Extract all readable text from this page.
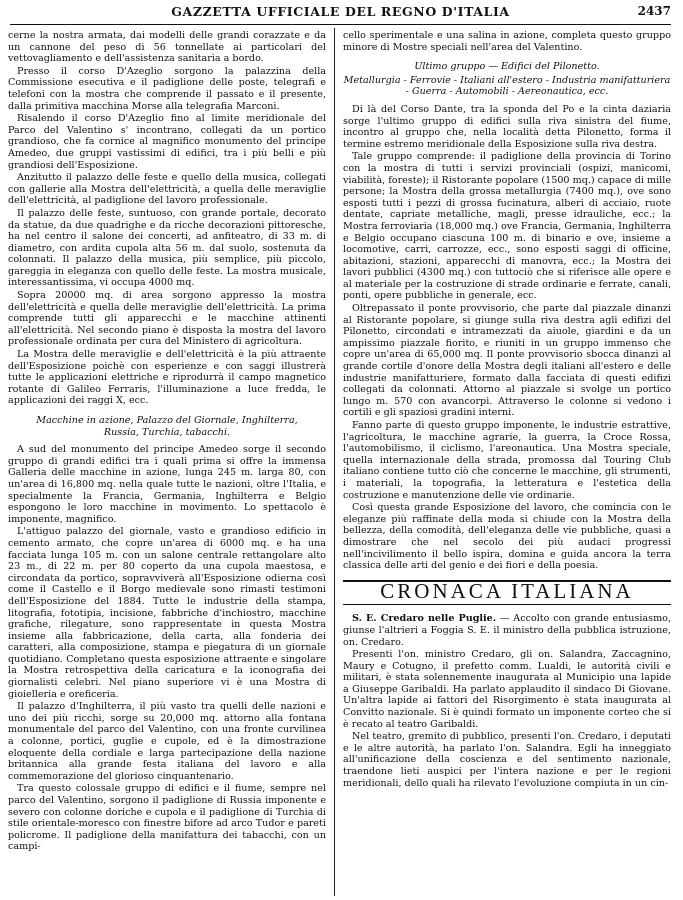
GAZZETTA UFFICIALE DEL REGNO D'ITALIA	2437

cerne la nostra armata, dai modelli delle grandi corazzate e da un cannone del peso di 56 tonnellate ai particolari del vettovagliamento e dell'assistenza sanitaria a bordo.

Presso il corso D'Azeglio sorgono la palazzina della Commissione esecutiva e il padiglione delle poste, telegrafi e telefoni con la mostra che comprende il passato e il presente, dalla primitiva macchina Morse alla telegrafia Marconi.

Risalendo il corso D'Azeglio fino al limite meridionale del Parco del Valentino s' incontrano, collegati da un portico grandioso, che fa cornice al magnifico monumento del principe Amedeo, due gruppi vastissimi di edifici, tra i più belli e più grandiosi dell'Esposizione.

Anzitutto il palazzo delle feste e quello della musica, collegati con gallerie alla Mostra dell'elettricità, a quella delle meraviglie dell'elettricità, al padiglione del lavoro professionale.

Il palazzo delle feste, suntuoso, con grande portale, decorato da statue, da due quadrighe e da ricche decorazioni pittoresche, ha nel centro il salone dei concerti, ad anfiteatro, di 33 m. di diametro, con ardita cupola alta 56 m. dal suolo, sostenuta da colonnati. Il palazzo della musica, più semplice, più piccolo, gareggia in eleganza con quello delle feste. La mostra musicale, interessantissima, vi occupa 4000 mq.

Sopra 20000 mq. di area sorgono appresso la mostra dell'elettricità e quella delle meraviglie dell'elettricità. La prima comprende tutti gli apparecchi e le macchine attinenti all'elettricità. Nel secondo piano è disposta la mostra del lavoro professionale ordinata per cura del Ministero di agricoltura.

La Mostra delle meraviglie e dell'elettricità è la più attraente dell'Esposizione poichè con esperienze e con saggi illustrerà tutte le applicazioni elettriche e riprodurrà il campo magnetico rotante di Galileo Ferraris, l'illuminazione a luce fredda, le applicazioni dei raggi X, ecc.

Macchine in azione, Palazzo del Giornale, Inghilterra,
Russia, Turchia, tabacchi.

A sud del monumento del principe Amedeo sorge il secondo gruppo di grandi edifici tra i quali prima si offre la immensa Galleria delle macchine in azione, lunga 245 m. larga 80, con un'area di 16,800 mq. nella quale tutte le nazioni, oltre l'Italia, e specialmente la Francia, Germania, Inghilterra e Belgio espongono le loro macchine in movimento. Lo spettacolo è imponente, magnifico.

L'attiguo palazzo del giornale, vasto e grandioso edificio in cemento armato, che copre un'area di 6000 mq. e ha una facciata lunga 105 m. con un salone centrale rettangolare alto 23 m., di 22 m. per 80 coperto da una cupola maestosa, e circondata da portico, sopravviverà all'Esposizione odierna così come il Castello e il Borgo medievale sono rimasti testimoni dell'Esposizione del 1884. Tutte le industrie della stampa, litografia, fototipia, incisione, fabbriche d'inchiostro, macchine grafiche, rilegature, sono rappresentate in questa Mostra insieme alla fabbricazione, della carta, alla fonderia dei caratteri, alla composizione, stampa e piegatura di un giornale quotidiano. Completano questa esposizione attraente e singolare la Mostra retrospettiva della caricatura e la iconografia dei giornalisti celebri. Nel piano superiore vi è una Mostra di gioielleria e oreficeria.

Il palazzo d'Inghilterra, il più vasto tra quelli delle nazioni e uno dei più ricchi, sorge su 20,000 mq. attorno alla fontana monumentale del parco del Valentino, con una fronte curvilinea a colonne, portici, guglie e cupole, ed è la dimostrazione eloquente della cordiale e larga partecipazione della nazione britannica alla grande festa italiana del lavoro e alla commemorazione del glorioso cinquantenario.

Tra questo colossale gruppo di edifici e il fiume, sempre nel parco del Valentino, sorgono il padiglione di Russia imponente e severo con colonne doriche e cupola e il padiglione di Turchia di stile orientale-moresco con finestre bifore ad arco Tudor e pareti policrome. Il padiglione della manifattura dei tabacchi, con un campi-

cello sperimentale e una salina in azione, completa questo gruppo minore di Mostre speciali nell'area del Valentino.

Ultimo gruppo — Edifici del Pilonetto.
Metallurgia - Ferrovie - Italiani all'estero - Industria manifatturiera - Guerra - Automobili - Aereonautica, ecc.

Di là del Corso Dante, tra la sponda del Po e la cinta daziaria sorge l'ultimo gruppo di edifici sulla riva sinistra del fiume, incontro al gruppo che, nella località detta Pilonetto, forma il termine estremo meridionale della Esposizione sulla riva destra.

Tale gruppo comprende: il padiglione della provincia di Torino con la mostra di tutti i servizi provinciali (ospizi, manicomi, viabilità, foreste); il Ristorante popolare (1500 mq.) capace di mille persone; la Mostra della grossa metallurgia (7400 mq.), ove sono esposti tutti i pezzi di grossa fucinatura, alberi di acciaio, ruote dentate, capriate metalliche, magli, presse idrauliche, ecc.; la Mostra ferroviaria (18,000 mq.) ove Francia, Germania, Inghilterra e Belgio occupano ciascuna 100 m. di binario e ove, insieme a locomotive, carri, carrozze, ecc., sono esposti saggi di officine, abitazioni, stazioni, apparecchi di manovra, ecc.; la Mostra dei lavori pubblici (4300 mq.) con tuttociò che si riferisce alle opere e al materiale per la costruzione di strade ordinarie e ferrate, canali, ponti, opere pubbliche in generale, ecc.

Oltrepassato il ponte provvisorio, che parte dal piazzale dinanzi al Ristorante popolare, si giunge sulla riva destra agli edifizi del Pilonetto, circondati e intramezzati da aiuole, giardini e da un ampissimo piazzale fiorito, e riuniti in un gruppo immenso che copre un'area di 65,000 mq. Il ponte provvisorio sbocca dinanzi al grande cortile d'onore della Mostra degli italiani all'estero e delle industrie manifatturiere, formato dalla facciata di questi edifizi collegati da colonnati. Attorno al piazzale si svolge un portico lungo m. 570 con avancorpi. Attraverso le colonne si vedono i cortili e gli spaziosi gradini interni.

Fanno parte di questo gruppo imponente, le industrie estrattive, l'agricoltura, le macchine agrarie, la guerra, la Croce Rossa, l'automobilismo, il ciclismo, l'areonautica. Una Mostra speciale, quella internazionale della strada, promossa dal Touring Club italiano contiene tutto ciò che concerne le macchine, gli strumenti, i materiali, la topografia, la letteratura e l'estetica della costruzione e manutenzione delle vie ordinarie.

Così questa grande Esposizione del lavoro, che comincia con le eleganze più raffinate della moda si chiude con la Mostra della bellezza, della comodità, dell'eleganza delle vie pubbliche, quasi a dimostrare che nel secolo dei più audaci progressi nell'incivilimento il bello ispira, domina e guida ancora la terra classica delle arti del genio e dei fiori e della poesia.

CRONACA ITALIANA

S. E. Credaro nelle Puglie. — Accolto con grande entusiasmo, giunse l'altrieri a Foggia S. E. il ministro della pubblica istruzione, on. Credaro.

Presenti l'on. ministro Credaro, gli on. Salandra, Zaccagnino, Maury e Cotugno, il prefetto comm. Lualdi, le autorità civili e militari, è stata solennemente inaugurata al Municipio una lapide a Giuseppe Garibaldi. Ha parlato applaudito il sindaco Di Giovane. Un'altra lapide ai fattori del Risorgimento è stata inaugurata al Convitto nazionale. Si è quindi formato un imponente corteo che si è recato al teatro Garibaldi.

Nel teatro, gremito di pubblico, presenti l'on. Credaro, i deputati e le altre autorità, ha parlato l'on. Salandra. Egli ha inneggiato all'unificazione della coscienza e del sentimento nazionale, traendone lieti auspici per l'intera nazione e per le regioni meridionali, dello quali ha rilevato l'evoluzione compiuta in un cin-
